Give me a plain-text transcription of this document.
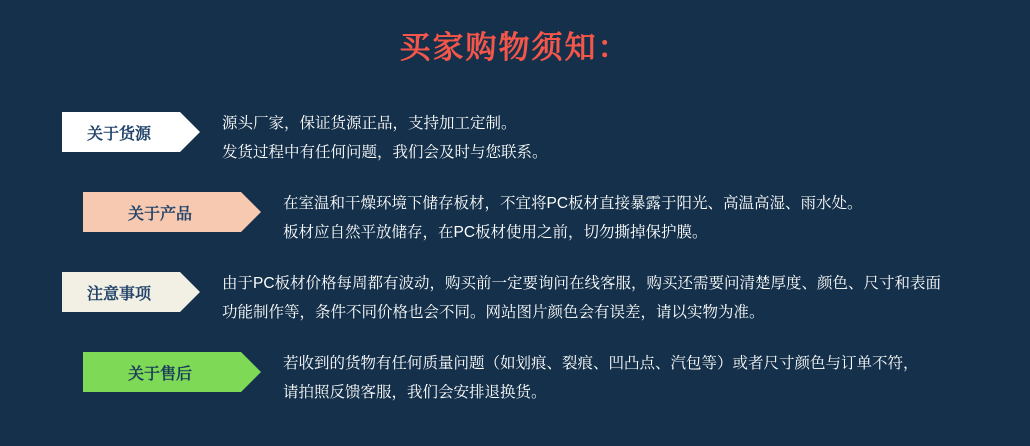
买家购物须知：
关于货源
源头厂家，保证货源正品，支持加工定制。
发货过程中有任何问题，我们会及时与您联系。
关于产品
在室温和干燥环境下储存板材，不宜将PC板材直接暴露于阳光、高温高湿、雨水处。
板材应自然平放储存，在PC板材使用之前，切勿撕掉保护膜。
注意事项
由于PC板材价格每周都有波动，购买前一定要询问在线客服，购买还需要问清楚厚度、颜色、尺寸和表面
功能制作等，条件不同价格也会不同。网站图片颜色会有误差，请以实物为准。
关于售后
若收到的货物有任何质量问题（如划痕、裂痕、凹凸点、汽包等）或者尺寸颜色与订单不符，
请拍照反馈客服，我们会安排退换货。
